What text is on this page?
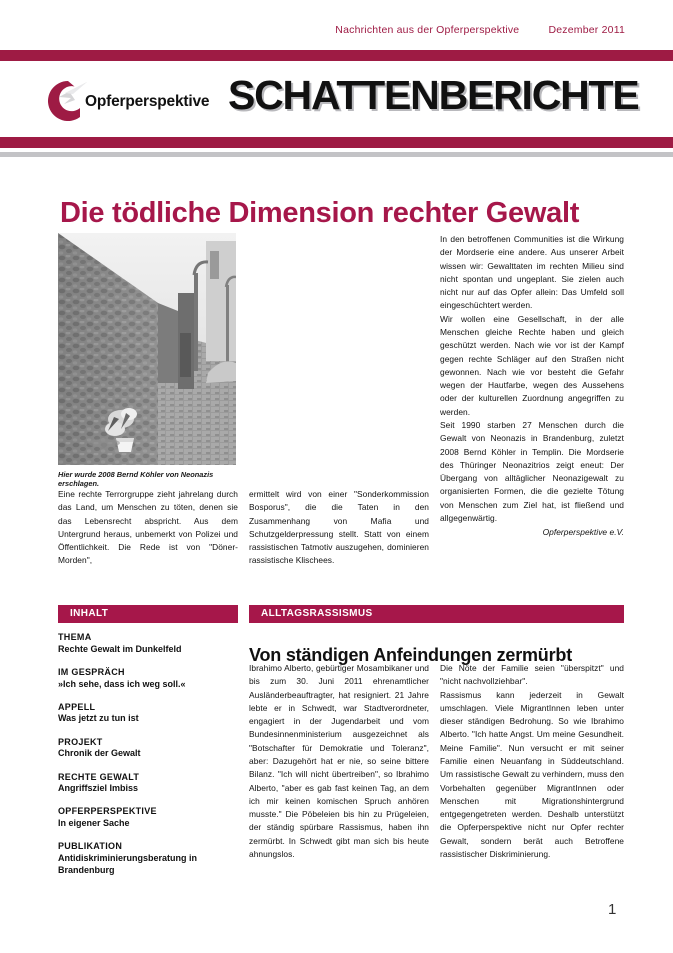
Nachrichten aus der Opferperspektive	Dezember 2011
Opferperspektive SCHATTENBERICHTE
Die tödliche Dimension rechter Gewalt
Hier wurde 2008 Bernd Köhler von Neonazis erschlagen.

Eine rechte Terrorgruppe zieht jahrelang durch das Land, um Menschen zu töten, denen sie das Lebensrecht abspricht. Aus dem Untergrund heraus, unbemerkt von Polizei und Öffentlichkeit. Die Rede ist von "Döner-Morden",

ermittelt wird von einer "Sonderkommission Bosporus", die die Taten in den Zusammenhang von Mafia und Schutzgelderpressung stellt. Statt von einem rassistischen Tatmotiv auszugehen, dominieren rassistische Klischees.

In den betroffenen Communities ist die Wirkung der Mordserie eine andere. Aus unserer Arbeit wissen wir: Gewalttaten im rechten Milieu sind nicht spontan und ungeplant. Sie zielen auch nicht nur auf das Opfer allein: Das Umfeld soll eingeschüchtert werden.

Wir wollen eine Gesellschaft, in der alle Menschen gleiche Rechte haben und gleich geschützt werden. Nach wie vor ist der Kampf gegen rechte Schläger auf den Straßen nicht gewonnen. Nach wie vor besteht die Gefahr wegen der Hautfarbe, wegen des Aussehens oder der kulturellen Zuordnung angegriffen zu werden.

Seit 1990 starben 27 Menschen durch die Gewalt von Neonazis in Brandenburg, zuletzt 2008 Bernd Köhler in Templin. Die Mordserie des Thüringer Neonazitrios zeigt eneut: Der Übergang von alltäglicher Neonazigewalt zu organisierten Formen, die die gezielte Tötung von Menschen zum Ziel hat, ist fließend und allgegenwärtig.

Opferperspektive e.V.
INHALT	ALLTAGSRASSISMUS
THEMA
Rechte Gewalt im Dunkelfeld
IM GESPRÄCH
»Ich sehe, dass ich weg soll.«
APPELL
Was jetzt zu tun ist
PROJEKT
Chronik der Gewalt
RECHTE GEWALT
Angriffsziel Imbiss
OPFERPERSPEKTIVE
In eigener Sache
PUBLIKATION
Antidiskriminierungsberatung in Brandenburg
Von ständigen Anfeindungen zermürbt

Ibrahimo Alberto, gebürtiger Mosambikaner und bis zum 30. Juni 2011 ehrenamtlicher Ausländerbeauftragter, hat resigniert. 21 Jahre lebte er in Schwedt, war Stadtverordneter, engagiert in der Jugendarbeit und vom Bundesinnenministerium ausgezeichnet als "Botschafter für Demokratie und Toleranz", aber: Dazugehört hat er nie, so seine bittere Bilanz. "Ich will nicht übertreiben", so Ibrahimo Alberto, "aber es gab fast keinen Tag, an dem ich mir keinen komischen Spruch anhören musste." Die Pöbeleien bis hin zu Prügeleien, der ständig spürbare Rassismus, haben ihn zermürbt. In Schwedt gibt man sich bis heute ahnungslos.

Die Nöte der Familie seien "überspitzt" und "nicht nachvollziehbar".

Rassismus kann jederzeit in Gewalt umschlagen. Viele MigrantInnen leben unter dieser ständigen Bedrohung. So wie Ibrahimo Alberto. "Ich hatte Angst. Um meine Gesundheit. Meine Familie". Nun versucht er mit seiner Familie einen Neuanfang in Süddeutschland. Um rassistische Gewalt zu verhindern, muss den Vorbehalten gegenüber MigrantInnen oder Menschen mit Migrationshintergrund entgegengetreten werden. Deshalb unterstützt die Opferperspektive nicht nur Opfer rechter Gewalt, sondern berät auch Betroffene rassistischer Diskriminierung.

1
